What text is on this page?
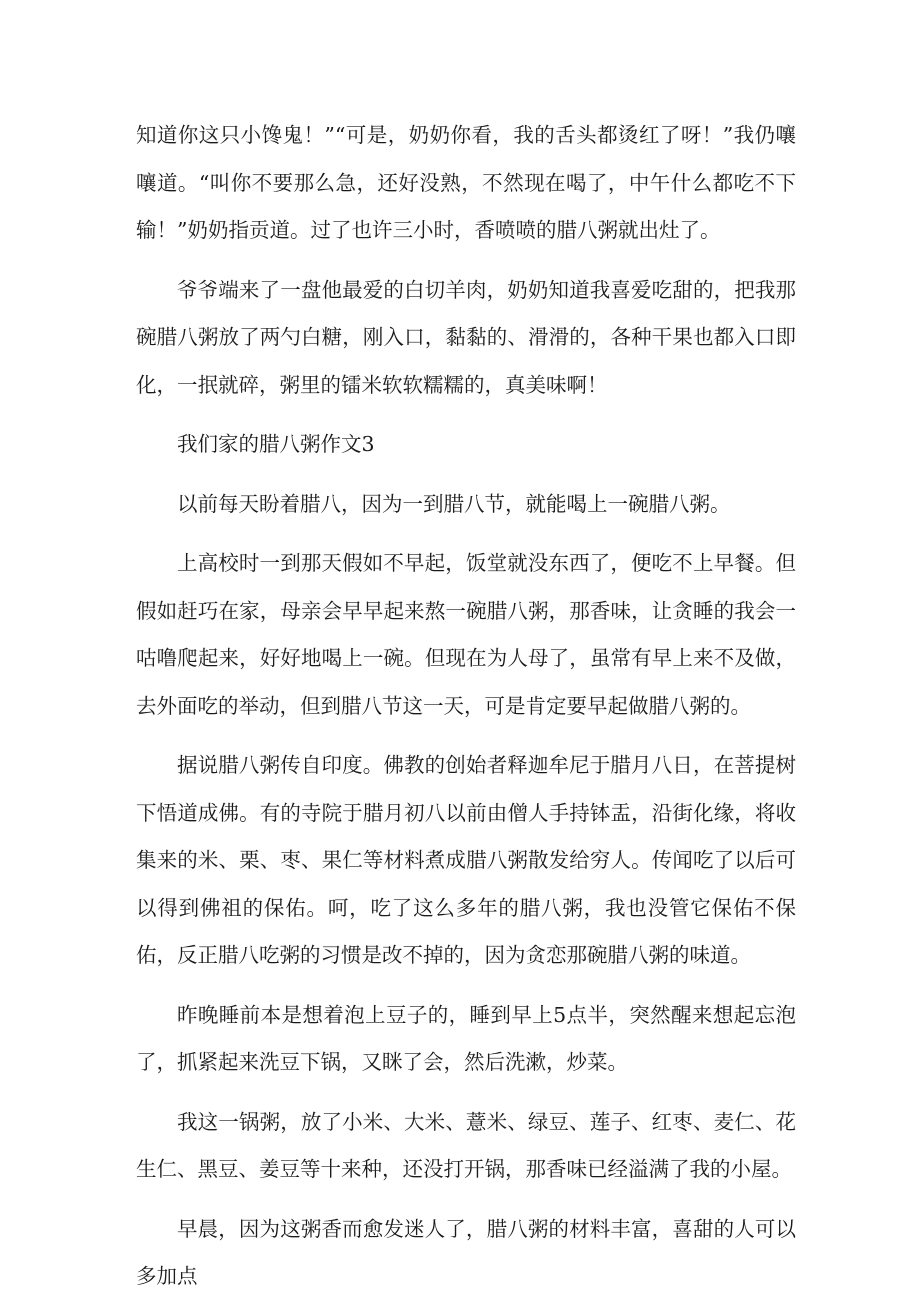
知道你这只小馋鬼！”“可是，奶奶你看，我的舌头都烫红了呀！”我仍嚷嚷道。“叫你不要那么急，还好没熟，不然现在喝了，中午什么都吃不下输！”奶奶指贡道。过了也许三小时，香喷喷的腊八粥就出灶了。

爷爷端来了一盘他最爱的白切羊肉，奶奶知道我喜爱吃甜的，把我那碗腊八粥放了两勺白糖，刚入口，黏黏的、滑滑的，各种干果也都入口即化，一抿就碎，粥里的镭米软软糯糯的，真美味啊！

我们家的腊八粥作文3

以前每天盼着腊八，因为一到腊八节，就能喝上一碗腊八粥。

上高校时一到那天假如不早起，饭堂就没东西了，便吃不上早餐。但假如赶巧在家，母亲会早早起来熬一碗腊八粥，那香味，让贪睡的我会一咕噜爬起来，好好地喝上一碗。但现在为人母了，虽常有早上来不及做，去外面吃的举动，但到腊八节这一天，可是肯定要早起做腊八粥的。

据说腊八粥传自印度。佛教的创始者释迦牟尼于腊月八日，在菩提树下悟道成佛。有的寺院于腊月初八以前由僧人手持钵盂，沿街化缘，将收集来的米、栗、枣、果仁等材料煮成腊八粥散发给穷人。传闻吃了以后可以得到佛祖的保佑。呵，吃了这么多年的腊八粥，我也没管它保佑不保佑，反正腊八吃粥的习惯是改不掉的，因为贪恋那碗腊八粥的味道。

昨晚睡前本是想着泡上豆子的，睡到早上5点半，突然醒来想起忘泡了，抓紧起来洗豆下锅，又眯了会，然后洗漱，炒菜。

我这一锅粥，放了小米、大米、薏米、绿豆、莲子、红枣、麦仁、花生仁、黑豆、姜豆等十来种，还没打开锅，那香味已经溢满了我的小屋。

早晨，因为这粥香而愈发迷人了，腊八粥的材料丰富，喜甜的人可以多加点
